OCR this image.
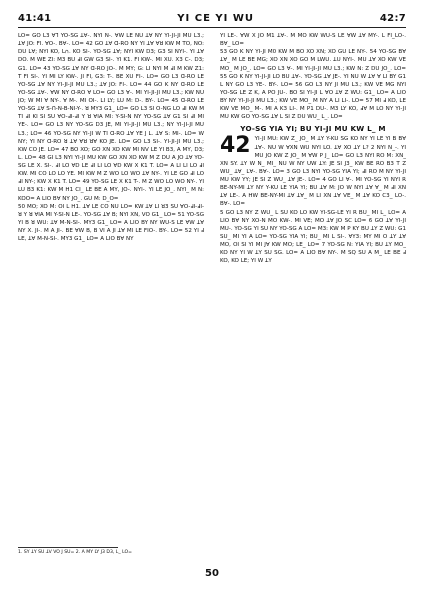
41:41	YI CE YI WU	42:7

LO= GO L3 ∀ꓶ YO-SG ꓕ∀-. NYI N-. ∀W LE NU ꓕ∀ NY YI-JI-JI MU L3.; ꓕ∀ JO: FI. ∀O-. B∀-. LO= 42 GO ꓕ∀ ꓷ-RO NY YI ꓕ∀ ∀ꓤ KW M TO, NO: DU L∀; NYI KO, L∩. KO SI-. YO-SG ꓕ∀; NYI KW D3; G3 SI NYI-. YI ꓕ∀ DO. M WE ZI: M3 BU ꓞI GW G3 SI-. YI K1. FI KW-. MI XU. X3 C-. D3; G1. LO= 43 YO-SG ꓕ∀ NY ꓷ-RO JO-. M MY; G: LI NYI M ꓞI M KW Z1: T FI SI-. YI MI LY KW-. JI FI, G3: T-. BE XU FI-. LO= GO L3 ꓷ-RO LE YO-SG ꓕ∀ NY YI-JI-JI MU L3.; ꓕ∀ JO: FI-. LO= 44 GO K NY ꓷ-RO LE YO-SG ꓕ∀-. ∀W NY ꓷ-RO ∀ LO= GO L3 ∀-. MI YI-JI-JI MU L3.; KW NU JO; W MI ∀ NY-. ∀ M-. MI OI-. LI LY; LU M: D-. BY-. LO= 45 ꓷ-RO LE YO-SG ꓕ∀ S-ꓵ-N-B-NI-Y-. ꓤ MY3 G1_ LO= GO L3 SI O-NG LO ꓞI KW M TI ꓞI KI SI SU ∀O-ꓞI-ꓞI Y ꓤ ∀IA MI: Y-SI-N NY YO-SG ꓕ∀ G1 SI ꓞI MI YE-. LO= GO L3 NY YO-SG D3 JE, MI YI-JI-JI MU L3.; NY YI-JI-JI MU L3.; LO= 46 YO-SG NY YI-JI W TI ꓷ-RO ꓕ∀ YE J L. ꓕ∀ S: MI-. LO= W NY; YI NY ꓷ-RO ꓤ ꓕ∀ ∀ꓤ ꓤ∀ KO JE. LO= GO L3 SI-. YI-JI-JI MU L3.; KW CO JE. LO= 47 BO XO; GO XN XO KW MI NV LE YI B3, A MY, D3; L. LO= 48 GI L3 NYI YI-JI MU KW GO XN XO KW M Z DU A JO ꓕ∀ YO-SG LE X. SI-. ꓞI LO ∀D LE ꓞI LI LO ∀D KW X K1 T. LO= A LI LI LO ꓞI KW. MI CO LO LO YE. MI KW M Z WO LO WO ꓕ∀ NY-. YI LE GO ꓞI LO ꓞI NY-; KW X K1 T. LO= 49 YO-SG LE X K1 T-. M Z WO LO WO NY-. YI LU B3 K1: KW M H1 CI_ LE BE A MY, JO-. NYI-. YI LE JO_. NYI_ M N: KOO= A LIO B∀ NY JO_. GU M: D_O=

50 MO; XO M: OI L H1. ꓕ∀ LE CO NU LO= KW ꓕ∀ LI ꓤ3 SU ∀O-ꓞI-ꓞI-ꓤ Y ꓤ ∀IA MI Y-SI-N LE-. YO-SG ꓕ∀ B; NYI XN, VO G1_ LO= 51 YO-SG YI B ꓤ WU: ꓕ∀ M-N-SI-. MY3 G1_ LO= A LIO BY NY WU-S LE ∀W ꓕ∀ NY X. JI-. M A JI-. BE ∀W B, B VI A JI ꓕ∀ MI LE FIO-. BY-. LO= 52 YI ꓞ LE, ꓕ∀ M-N-SI-. MY3 G1_ LO= A LIO B∀ NY

YI LE-. ∀W X JO M1 ꓕ∀-. M MO KW WU-S LE ∀W ꓕ∀ MY-. L FI_LO-. B∀_ LO=

53 GO K NY YI-JI M0 KW M BO XO XN; XO GU LE NY-. 54 YO-SG B∀ ꓕ∀_ M LE BE MG; XO XN XO GO M LWU. ꓕU NYI-. MU ꓕ∀ XO KW VE MO_ M JO_. LO= GO L3 ∀-. MI YI-JI-JI MU L3.; KW N: Z DU JO_. LO= 55 GO K NY YI-JI-JI LO BU ꓕ∀-. YO-SG ꓕ∀ JE-. YI NU W ꓕ∀ ∀ LI BY G1 L NY GO L3 YE-. BY-. LO= 56 GO L3 NY JI MU L3.; KW VE MG NYI YO-SG LE Z K, A PO JU-. BO SI YI-JI L ∀O ꓕ∀ Z WU: G1_ LO= A LIO BY NY YI-JI-JI MU L3.; KW VE MO_ M NY A LI LI-. LO= 57 MI ꓞ KO, LE KW VE MO_ M-. MI A K3 LI-. M P1 DU-. M3 LY KO, ꓞ∀ M LO NY YI-JI MU KW GO YO-SG ꓕ∀ L SI Z DU WU_ L_. LO=

YO-SG YIA YI; BU YI-JI MU KW L_ M
42 YI-JI MU: KW Z_ JO_ M ꓕY Y-KU SG KO NY YI LE YI B B∀ ꓕ∀-. NU W ∀XN WU NYI LO. ꓕ∀ XO ꓕY L? 2 NYI N_-. YI MU JO KW Z JO_ M ∀W P J_ LO= GO L3 NYI RO M: XN_ XN SY. ꓕY W N_ MI_ NU W NY UW ꓕY: JE SI J3_ KW BE RO B3 T Z WU_ ꓕ∀_ L∀-. B∀-. LO= 3 GO L3 NYI YO-SG YIA YI; ꓞI RO M NY YI-JI MU KW YY; JE SI Z WU_ ꓕ∀ JE-. LO= 4 GO LI ∀-. MI YO-SG YI NYI R BE-NY-MI ꓕY NY Y-KU LE YIA YI; BU ꓕ∀ M: JO W NYI ꓕ∀ ∀_ M ꓞI XN ꓕ∀ LE-. A HW BE-NY-MI ꓕ∀ ꓕ∀_ M LI XN ꓕ∀ VE_ M ꓕ∀ KO C3_ LO-. B∀-. LO=

5 GO L3 NY Z WU_ L SU KO LO KW YI-SG-LE YI R BU_ MI L_ LO= A LIO B∀ NY XO-N MO KW-. MI VE; MO ꓕ∀ JO SC LO= 6 GO ꓕ∀ YI-JI MU-. YO-SG YI SU NY YO-SG A LO= M3: KW M P KY BU ꓕY Z WU: G1 SU_ MI YI A LO= YO-SG YIA YI; BU_ MI L SI-. ∀Y3: MY MI O ꓕY ꓕ∀ MO, OI SI YI MI J∀ KW MO; LE_ LO= 7 YO-SG N: YIA YI; BU ꓕY MO_ KO NY YI W ꓕY SU SG. LO= A LIO B∀ NY-. M SQ SU A M_ LE BE ꓞ KO, KO LE; YI W ꓕY

1. SY ꓕY SU ꓕV VO J SU= 2. A MY LY J3 D3, L_ LO=
50
